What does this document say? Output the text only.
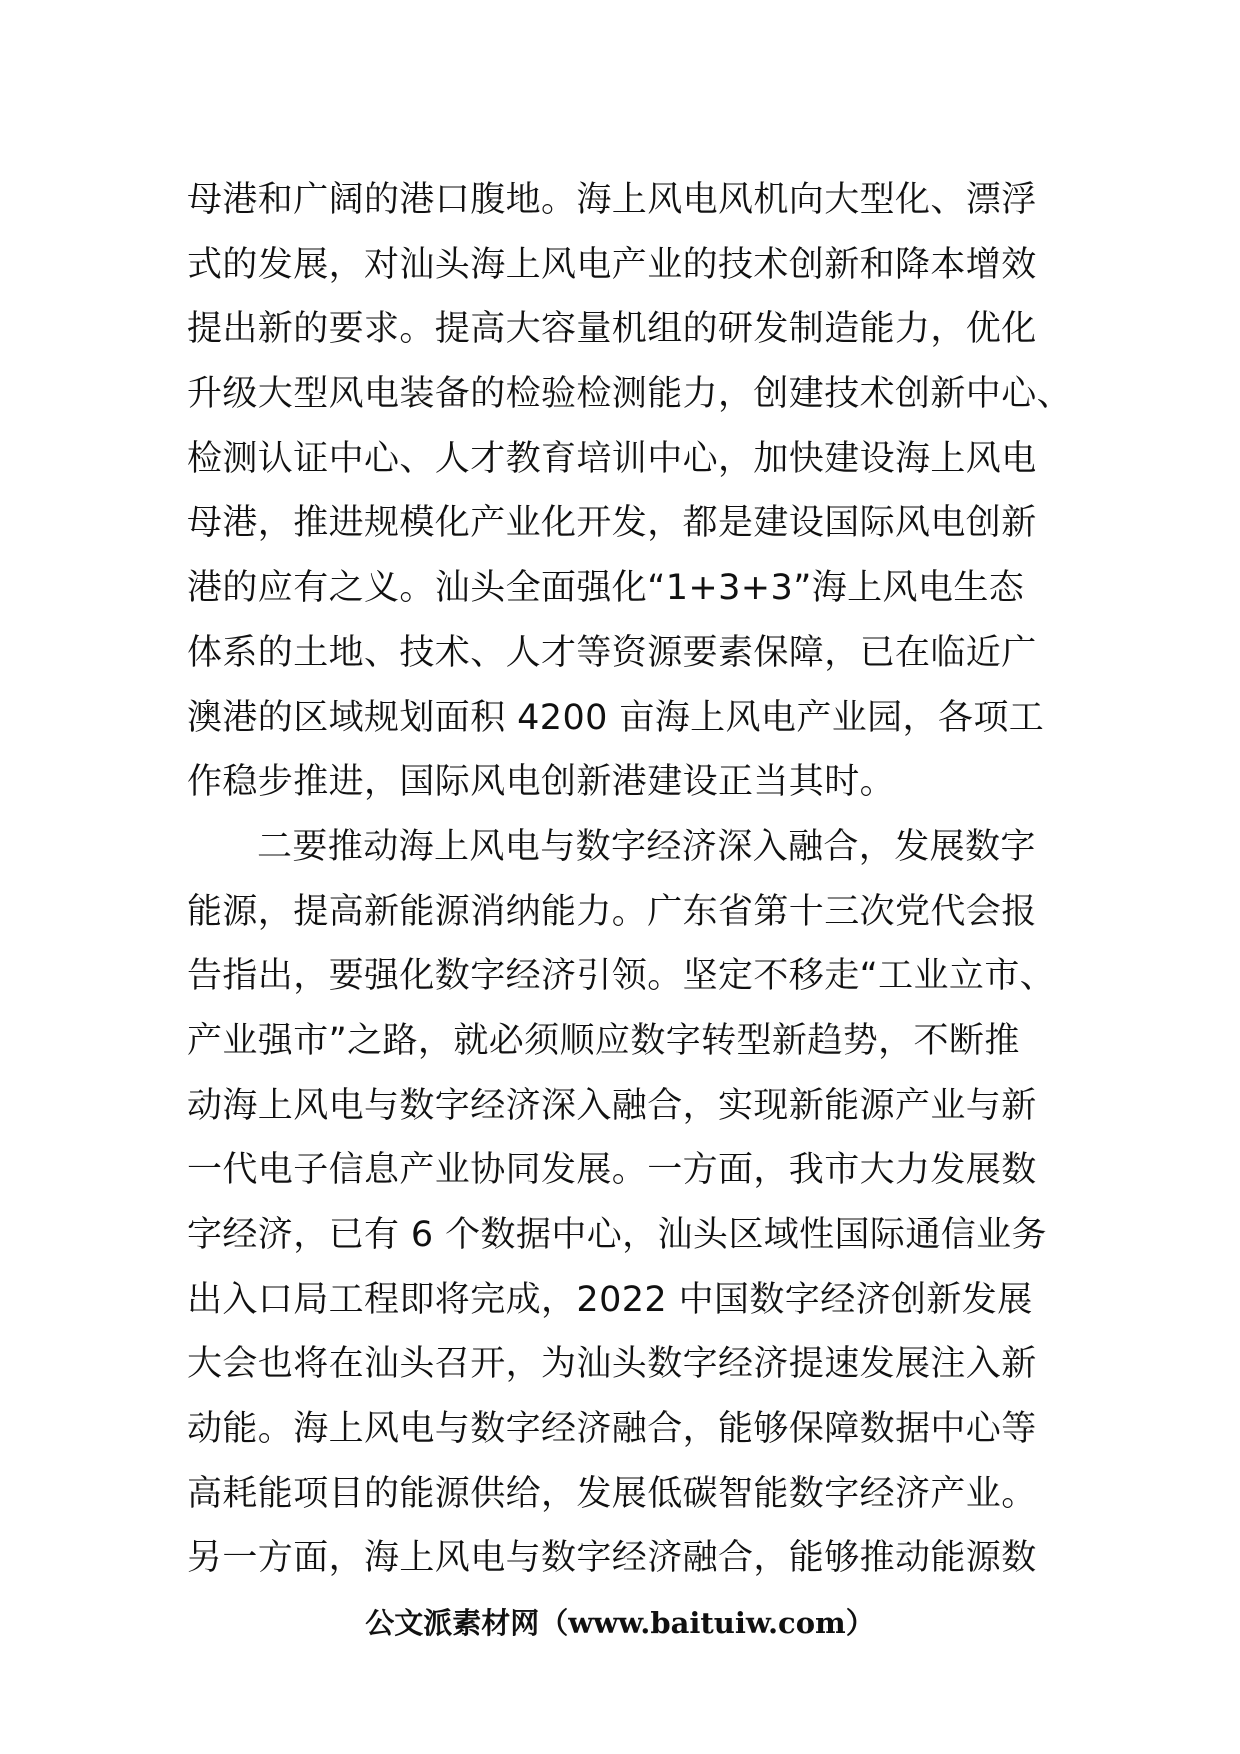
母港和广阔的港口腹地。海上风电风机向大型化、漂浮
式的发展，对汕头海上风电产业的技术创新和降本增效
提出新的要求。提高大容量机组的研发制造能力，优化
升级大型风电装备的检验检测能力，创建技术创新中心、
检测认证中心、人才教育培训中心，加快建设海上风电
母港，推进规模化产业化开发，都是建设国际风电创新
港的应有之义。汕头全面强化“1+3+3”海上风电生态
体系的土地、技术、人才等资源要素保障，已在临近广
澳港的区域规划面积 4200 亩海上风电产业园，各项工
作稳步推进，国际风电创新港建设正当其时。
二要推动海上风电与数字经济深入融合，发展数字
能源，提高新能源消纳能力。广东省第十三次党代会报
告指出，要强化数字经济引领。坚定不移走“工业立市、
产业强市”之路，就必须顺应数字转型新趋势，不断推
动海上风电与数字经济深入融合，实现新能源产业与新
一代电子信息产业协同发展。一方面，我市大力发展数
字经济，已有 6 个数据中心，汕头区域性国际通信业务
出入口局工程即将完成，2022 中国数字经济创新发展
大会也将在汕头召开，为汕头数字经济提速发展注入新
动能。海上风电与数字经济融合，能够保障数据中心等
高耗能项目的能源供给，发展低碳智能数字经济产业。
另一方面，海上风电与数字经济融合，能够推动能源数
公文派素材网（www.baituiw.com）
